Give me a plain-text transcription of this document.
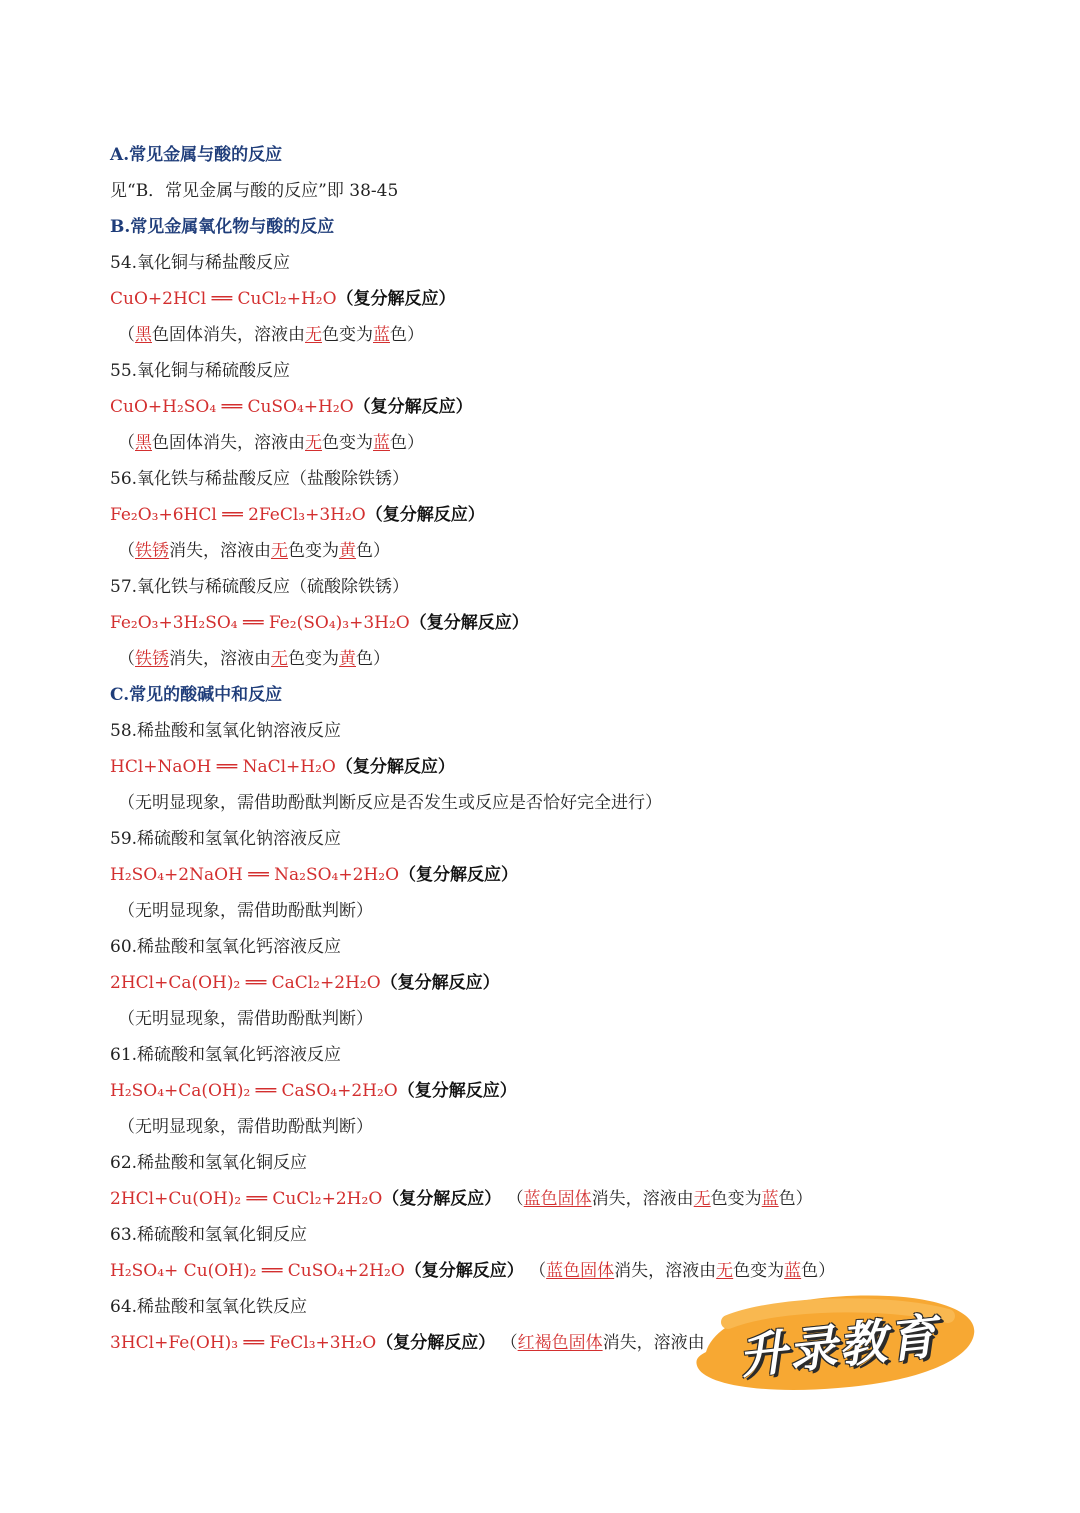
A.常见金属与酸的反应
见“B．常见金属与酸的反应”即 38-45
B.常见金属氧化物与酸的反应
54.氧化铜与稀盐酸反应
CuO+2HCl ══ CuCl₂+H₂O（复分解反应）
（黑色固体消失，溶液由无色变为蓝色）
55.氧化铜与稀硫酸反应
CuO+H₂SO₄ ══ CuSO₄+H₂O（复分解反应）
（黑色固体消失，溶液由无色变为蓝色）
56.氧化铁与稀盐酸反应（盐酸除铁锈）
Fe₂O₃+6HCl ══ 2FeCl₃+3H₂O（复分解反应）
（铁锈消失，溶液由无色变为黄色）
57.氧化铁与稀硫酸反应（硫酸除铁锈）
Fe₂O₃+3H₂SO₄ ══ Fe₂(SO₄)₃+3H₂O（复分解反应）
（铁锈消失，溶液由无色变为黄色）
C.常见的酸碱中和反应
58.稀盐酸和氢氧化钠溶液反应
HCl+NaOH ══ NaCl+H₂O（复分解反应）
（无明显现象，需借助酚酞判断反应是否发生或反应是否恰好完全进行）
59.稀硫酸和氢氧化钠溶液反应
H₂SO₄+2NaOH ══ Na₂SO₄+2H₂O（复分解反应）
（无明显现象，需借助酚酞判断）
60.稀盐酸和氢氧化钙溶液反应
2HCl+Ca(OH)₂ ══ CaCl₂+2H₂O（复分解反应）
（无明显现象，需借助酚酞判断）
61.稀硫酸和氢氧化钙溶液反应
H₂SO₄+Ca(OH)₂ ══ CaSO₄+2H₂O（复分解反应）
（无明显现象，需借助酚酞判断）
62.稀盐酸和氢氧化铜反应
2HCl+Cu(OH)₂ ══ CuCl₂+2H₂O（复分解反应） （蓝色固体消失，溶液由无色变为蓝色）
63.稀硫酸和氢氧化铜反应
H₂SO₄+ Cu(OH)₂ ══ CuSO₄+2H₂O（复分解反应） （蓝色固体消失，溶液由无色变为蓝色）
64.稀盐酸和氢氧化铁反应
3HCl+Fe(OH)₃ ══ FeCl₃+3H₂O（复分解反应） （红褐色固体消失，溶液由 升录教育
